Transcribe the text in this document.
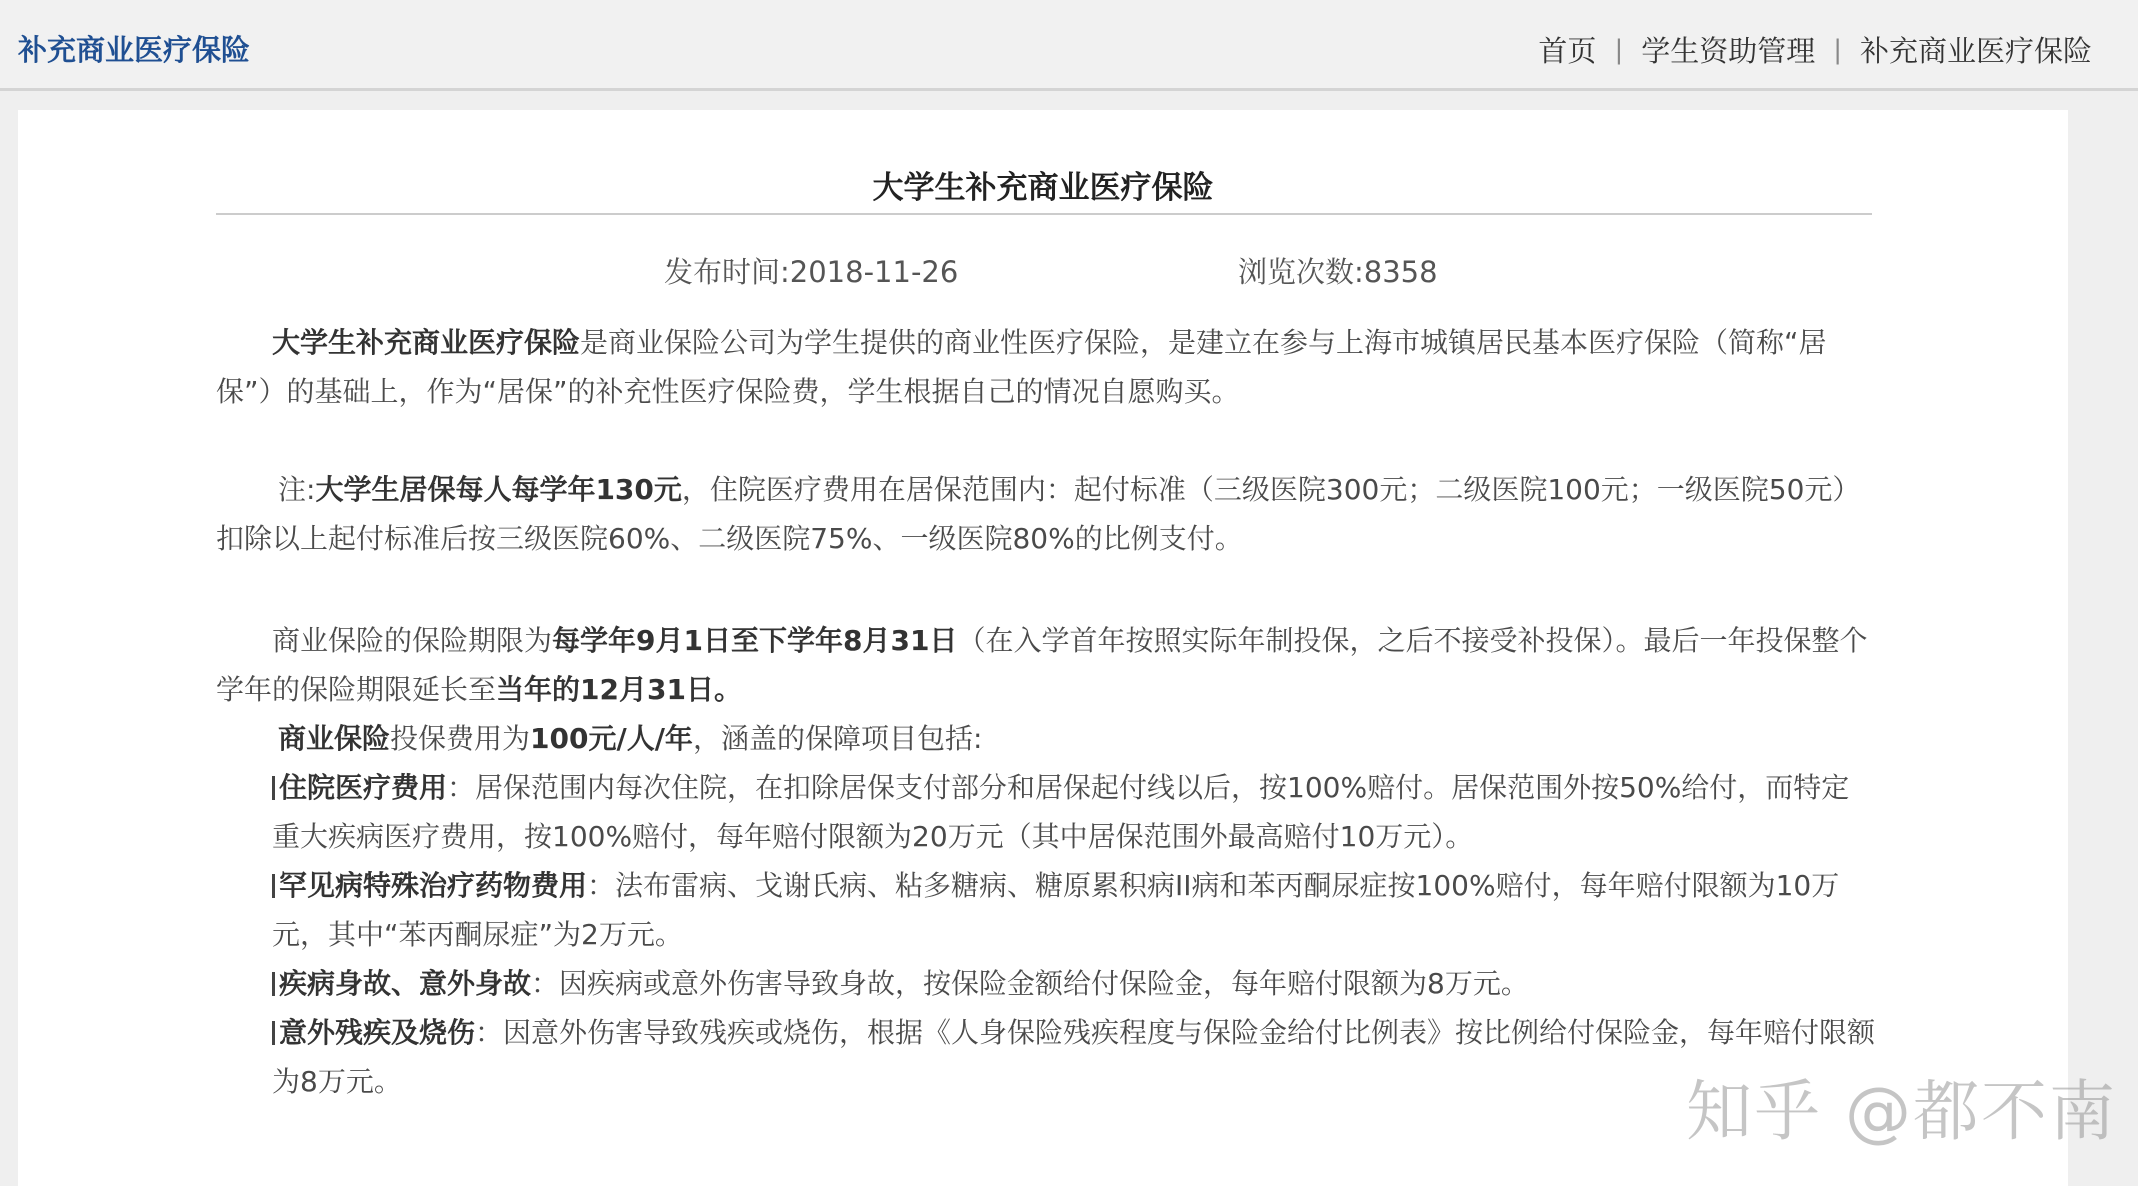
补充商业医疗保险	首页 | 学生资助管理 | 补充商业医疗保险
大学生补充商业医疗保险
发布时间:2018-11-26	浏览次数:8358

大学生补充商业医疗保险是商业保险公司为学生提供的商业性医疗保险，是建立在参与上海市城镇居民基本医疗保险（简称“居保”）的基础上，作为“居保”的补充性医疗保险费，学生根据自己的情况自愿购买。

注:大学生居保每人每学年130元，住院医疗费用在居保范围内：起付标准（三级医院300元；二级医院100元；一级医院50元）扣除以上起付标准后按三级医院60%、二级医院75%、一级医院80%的比例支付。

商业保险的保险期限为每学年9月1日至下学年8月31日（在入学首年按照实际年制投保，之后不接受补投保）。最后一年投保整个学年的保险期限延长至当年的12月31日。

商业保险投保费用为100元/人/年，涵盖的保障项目包括:

住院医疗费用：居保范围内每次住院，在扣除居保支付部分和居保起付线以后，按100%赔付。居保范围外按50%给付，而特定重大疾病医疗费用，按100%赔付，每年赔付限额为20万元（其中居保范围外最高赔付10万元）。

罕见病特殊治疗药物费用：法布雷病、戈谢氏病、粘多糖病、糖原累积病II病和苯丙酮尿症按100%赔付，每年赔付限额为10万元，其中“苯丙酮尿症”为2万元。

疾病身故、意外身故：因疾病或意外伤害导致身故，按保险金额给付保险金，每年赔付限额为8万元。

意外残疾及烧伤：因意外伤害导致残疾或烧伤，根据《人身保险残疾程度与保险金给付比例表》按比例给付保险金，每年赔付限额为8万元。	知乎 @都不南
